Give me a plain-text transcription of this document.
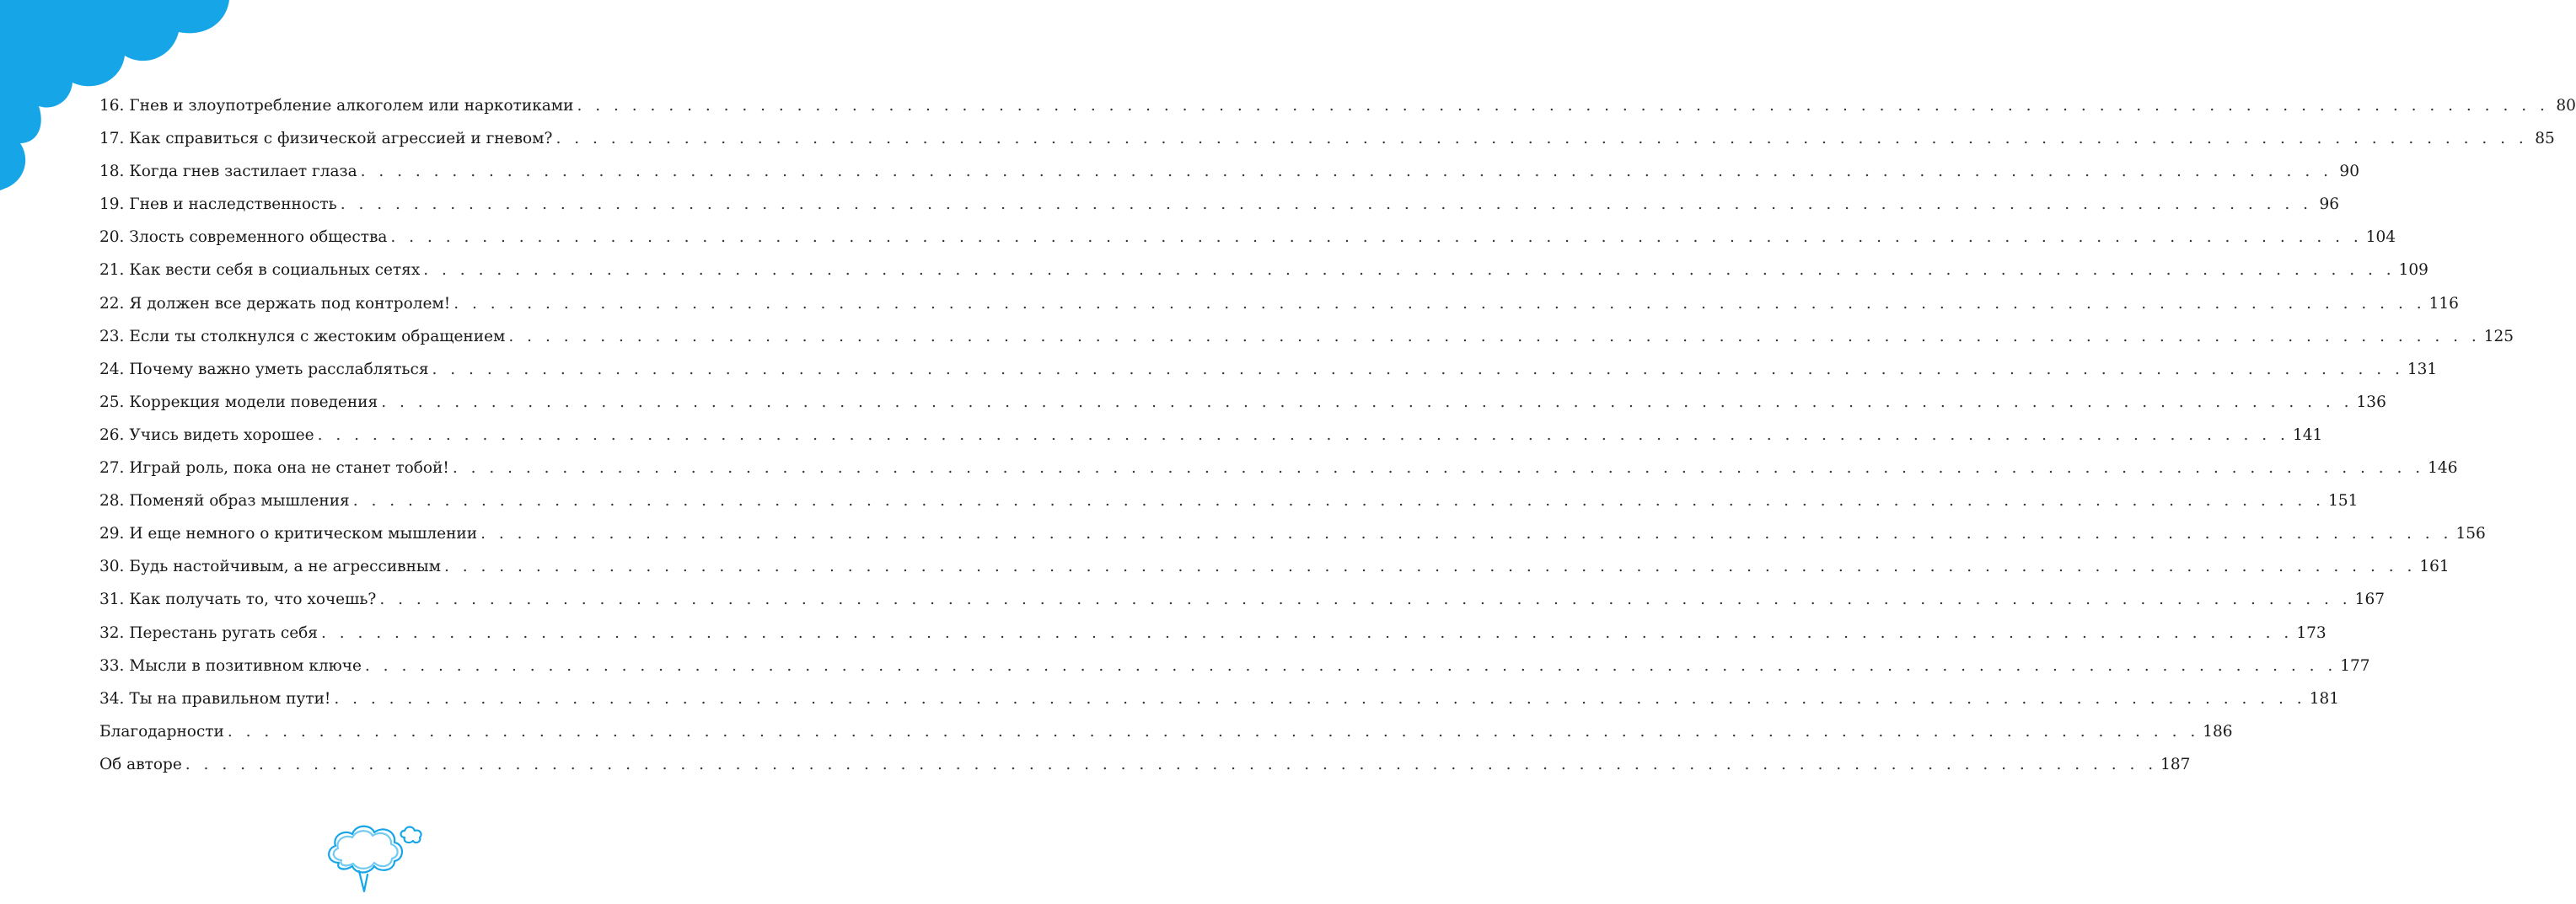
16. Гнев и злоупотребление алкоголем или наркотиками . . .	80
17. Как справиться с физической агрессией и гневом? . . .	85
18. Когда гнев застилает глаза . . .	90
19. Гнев и наследственность . . .	96
20. Злость современного общества . . .	104
21. Как вести себя в социальных сетях . . .	109
22. Я должен все держать под контролем! . . .	116
23. Если ты столкнулся с жестоким обращением . . .	125
24. Почему важно уметь расслабляться . . .	131
25. Коррекция модели поведения . . .	136
26. Учись видеть хорошее . . .	141
27. Играй роль, пока она не станет тобой! . . .	146
28. Поменяй образ мышления . . .	151
29. И еще немного о критическом мышлении . . .	156
30. Будь настойчивым, а не агрессивным . . .	161
31. Как получать то, что хочешь? . . .	167
32. Перестань ругать себя . . .	173
33. Мысли в позитивном ключе . . .	177
34. Ты на правильном пути! . . .	181
Благодарности . . .	186
Об авторе . . .	187
